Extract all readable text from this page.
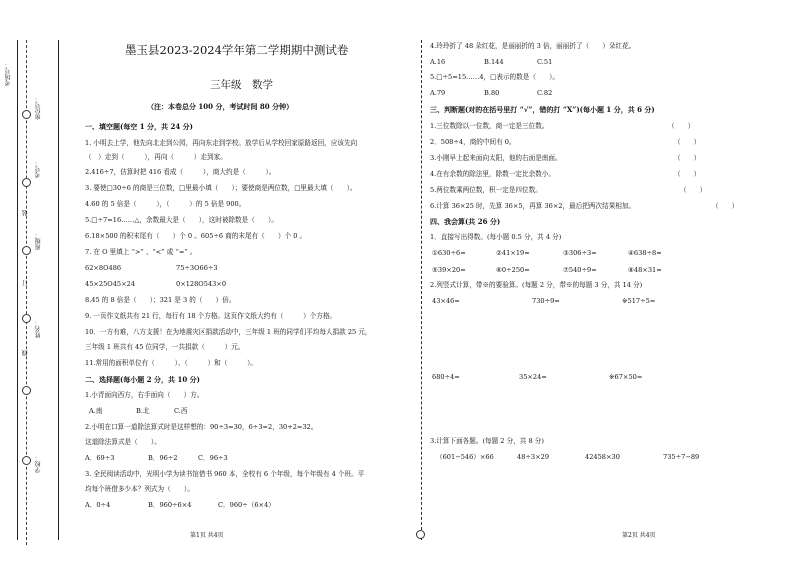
考场号：
座位号：
考号：
班级：
姓名：
学校：
装
订
线
墨玉县2023-2024学年第二学期期中测试卷
三年级　数学
（注：本卷总分 100 分，考试时间 80 分钟）
一、填空题(每空 1 分，共 24 分)
1. 小明去上学，他先向北走到公园，再向东走到学校。放学后从学校回家原路返回，应该先向
（　）走到（　　　），再向（　　　）走到家。
2.416÷7，估算时把 416 看成（　　　），商大约是（　　　）。
3. 要使□30÷6 的商是三位数，□里最小填（　　）；要使商是两位数，□里最大填（　　）。
4.60 的 5 倍是（　　　），（　　　）的 5 倍是 900。
5.□÷7=16……△，余数最大是（　　），这时被除数是（　　）。
6.18×500 的积末尾有（　　）个 0 。605÷6 商的末尾有（　　）个 0 。
7. 在 O 里填上 “>” 、“<” 或 “=” 。
62×8O486	75÷3O66÷3
45×25O45×24	0×128O543×0
8.45 的 8 倍是（　　）；321 是 3 的（　　）倍。
9. 一页作文纸共有 21 行，每行有 18 个方格。这页作文纸大约有（　　　）个方格。
10．一方有难，八方支援！在为地震灾区捐款活动中，三年级 1 班的同学们平均每人捐款 25 元，
三年级 1 班共有 45 位同学，一共捐款（　　　）元。
11.常用的面积单位有（　　　）、（　　　）和（　　　）。
二、选择题(每小题 2 分，共 10 分)
1.小青面向西方，右手面向（　　）方。
A.南	B.北	C.西
2.小明在口算一道除法算式时是这样想的：90÷3=30，6÷3=2，30+2=32。
这道除法算式是（　　）。
A．69÷3	B．96÷2	C．96÷3
3. 全民阅读活动中，光明小学为读书馆借书 960 本，全校有 6 个年级，每个年级有 4 个班。平
均每个班借多少本？列式为（　　）。
A．0÷4	B．960÷6×4	C．960÷（6×4）
第1页 共4页
4.玲玲折了 48 朵红花，是丽丽折的 3 倍，丽丽折了（　　）朵红花。
A.16	B.144	C.51
5.□÷5=15……4，□表示的数是（　　）。
A.79	B.80	C.82
三、判断题(对的在括号里打 “√”，错的打 “X”)(每小题 1 分，共 6 分)
1.三位数除以一位数，商一定是三位数。	（　　）
2．508÷4，商的中间有 0。	（　　）
3.小刚早上起来面向太阳，他的右面是南面。	（　　）
4.在有余数的除法里，除数一定比余数小。	（　　）
5.两位数乘两位数，积一定是四位数。	（　　）
6.计算 36×25 时，先算 36×5，再算 36×2，最后把两次结果相加。	（　　）
四、我会算(共 26 分)
1．直接写出得数。(每小题 0.5 分，共 4 分)
①630÷6=	②41×19≈	③306÷3=	④638÷8≈
⑤39×20=	⑥0÷250=	⑦540÷9=	⑧48×31≈
2.列竖式计算，带※的要验算。(每题 2 分，带※的每题 3 分，共 14 分)
43×46=	730÷9=	※517÷5=
680÷4=	35×24=	※67×50=
3.计算下面各题。(每题 2 分，共 8 分)
（601−546）×66	48÷3×29	42458×30	735÷7−89
第2页 共4页
